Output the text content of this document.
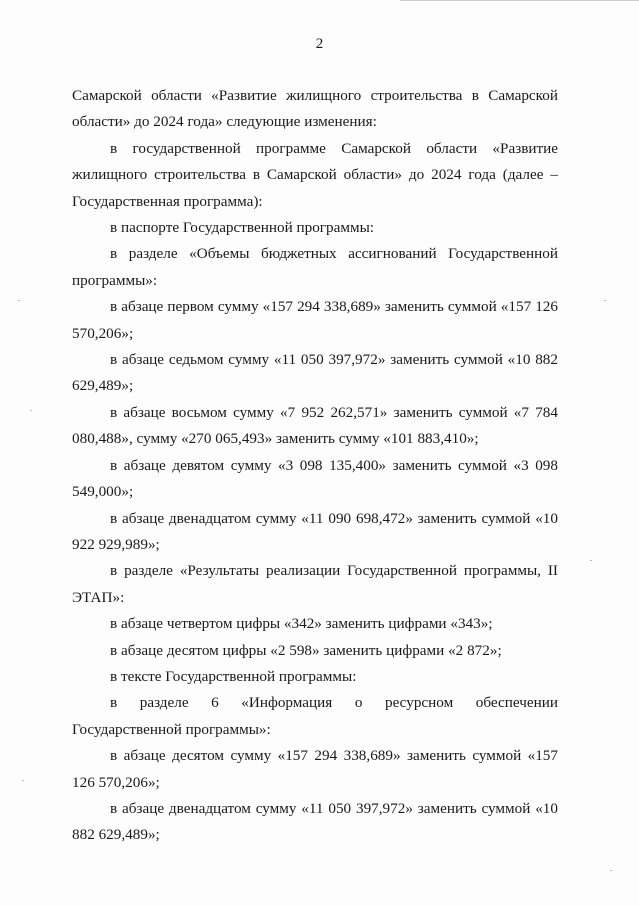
2

Самарской области «Развитие жилищного строительства в Самарской области» до 2024 года» следующие изменения:

в государственной программе Самарской области «Развитие жилищного строительства в Самарской области» до 2024 года (далее – Государственная программа):

в паспорте Государственной программы:

в разделе «Объемы бюджетных ассигнований Государственной программы»:

в абзаце первом сумму «157 294 338,689» заменить суммой «157 126 570,206»;

в абзаце седьмом сумму «11 050 397,972» заменить суммой «10 882 629,489»;

в абзаце восьмом сумму «7 952 262,571» заменить суммой «7 784 080,488», сумму «270 065,493» заменить сумму «101 883,410»;

в абзаце девятом сумму «3 098 135,400» заменить суммой «3 098 549,000»;

в абзаце двенадцатом сумму «11 090 698,472» заменить суммой «10 922 929,989»;

в разделе «Результаты реализации Государственной программы, II ЭТАП»:

в абзаце четвертом цифры «342» заменить цифрами «343»;

в абзаце десятом цифры «2 598» заменить цифрами «2 872»;

в тексте Государственной программы:

в разделе 6 «Информация о ресурсном обеспечении Государственной программы»:

в абзаце десятом сумму «157 294 338,689» заменить суммой «157 126 570,206»;

в абзаце двенадцатом сумму «11 050 397,972» заменить суммой «10 882 629,489»;
